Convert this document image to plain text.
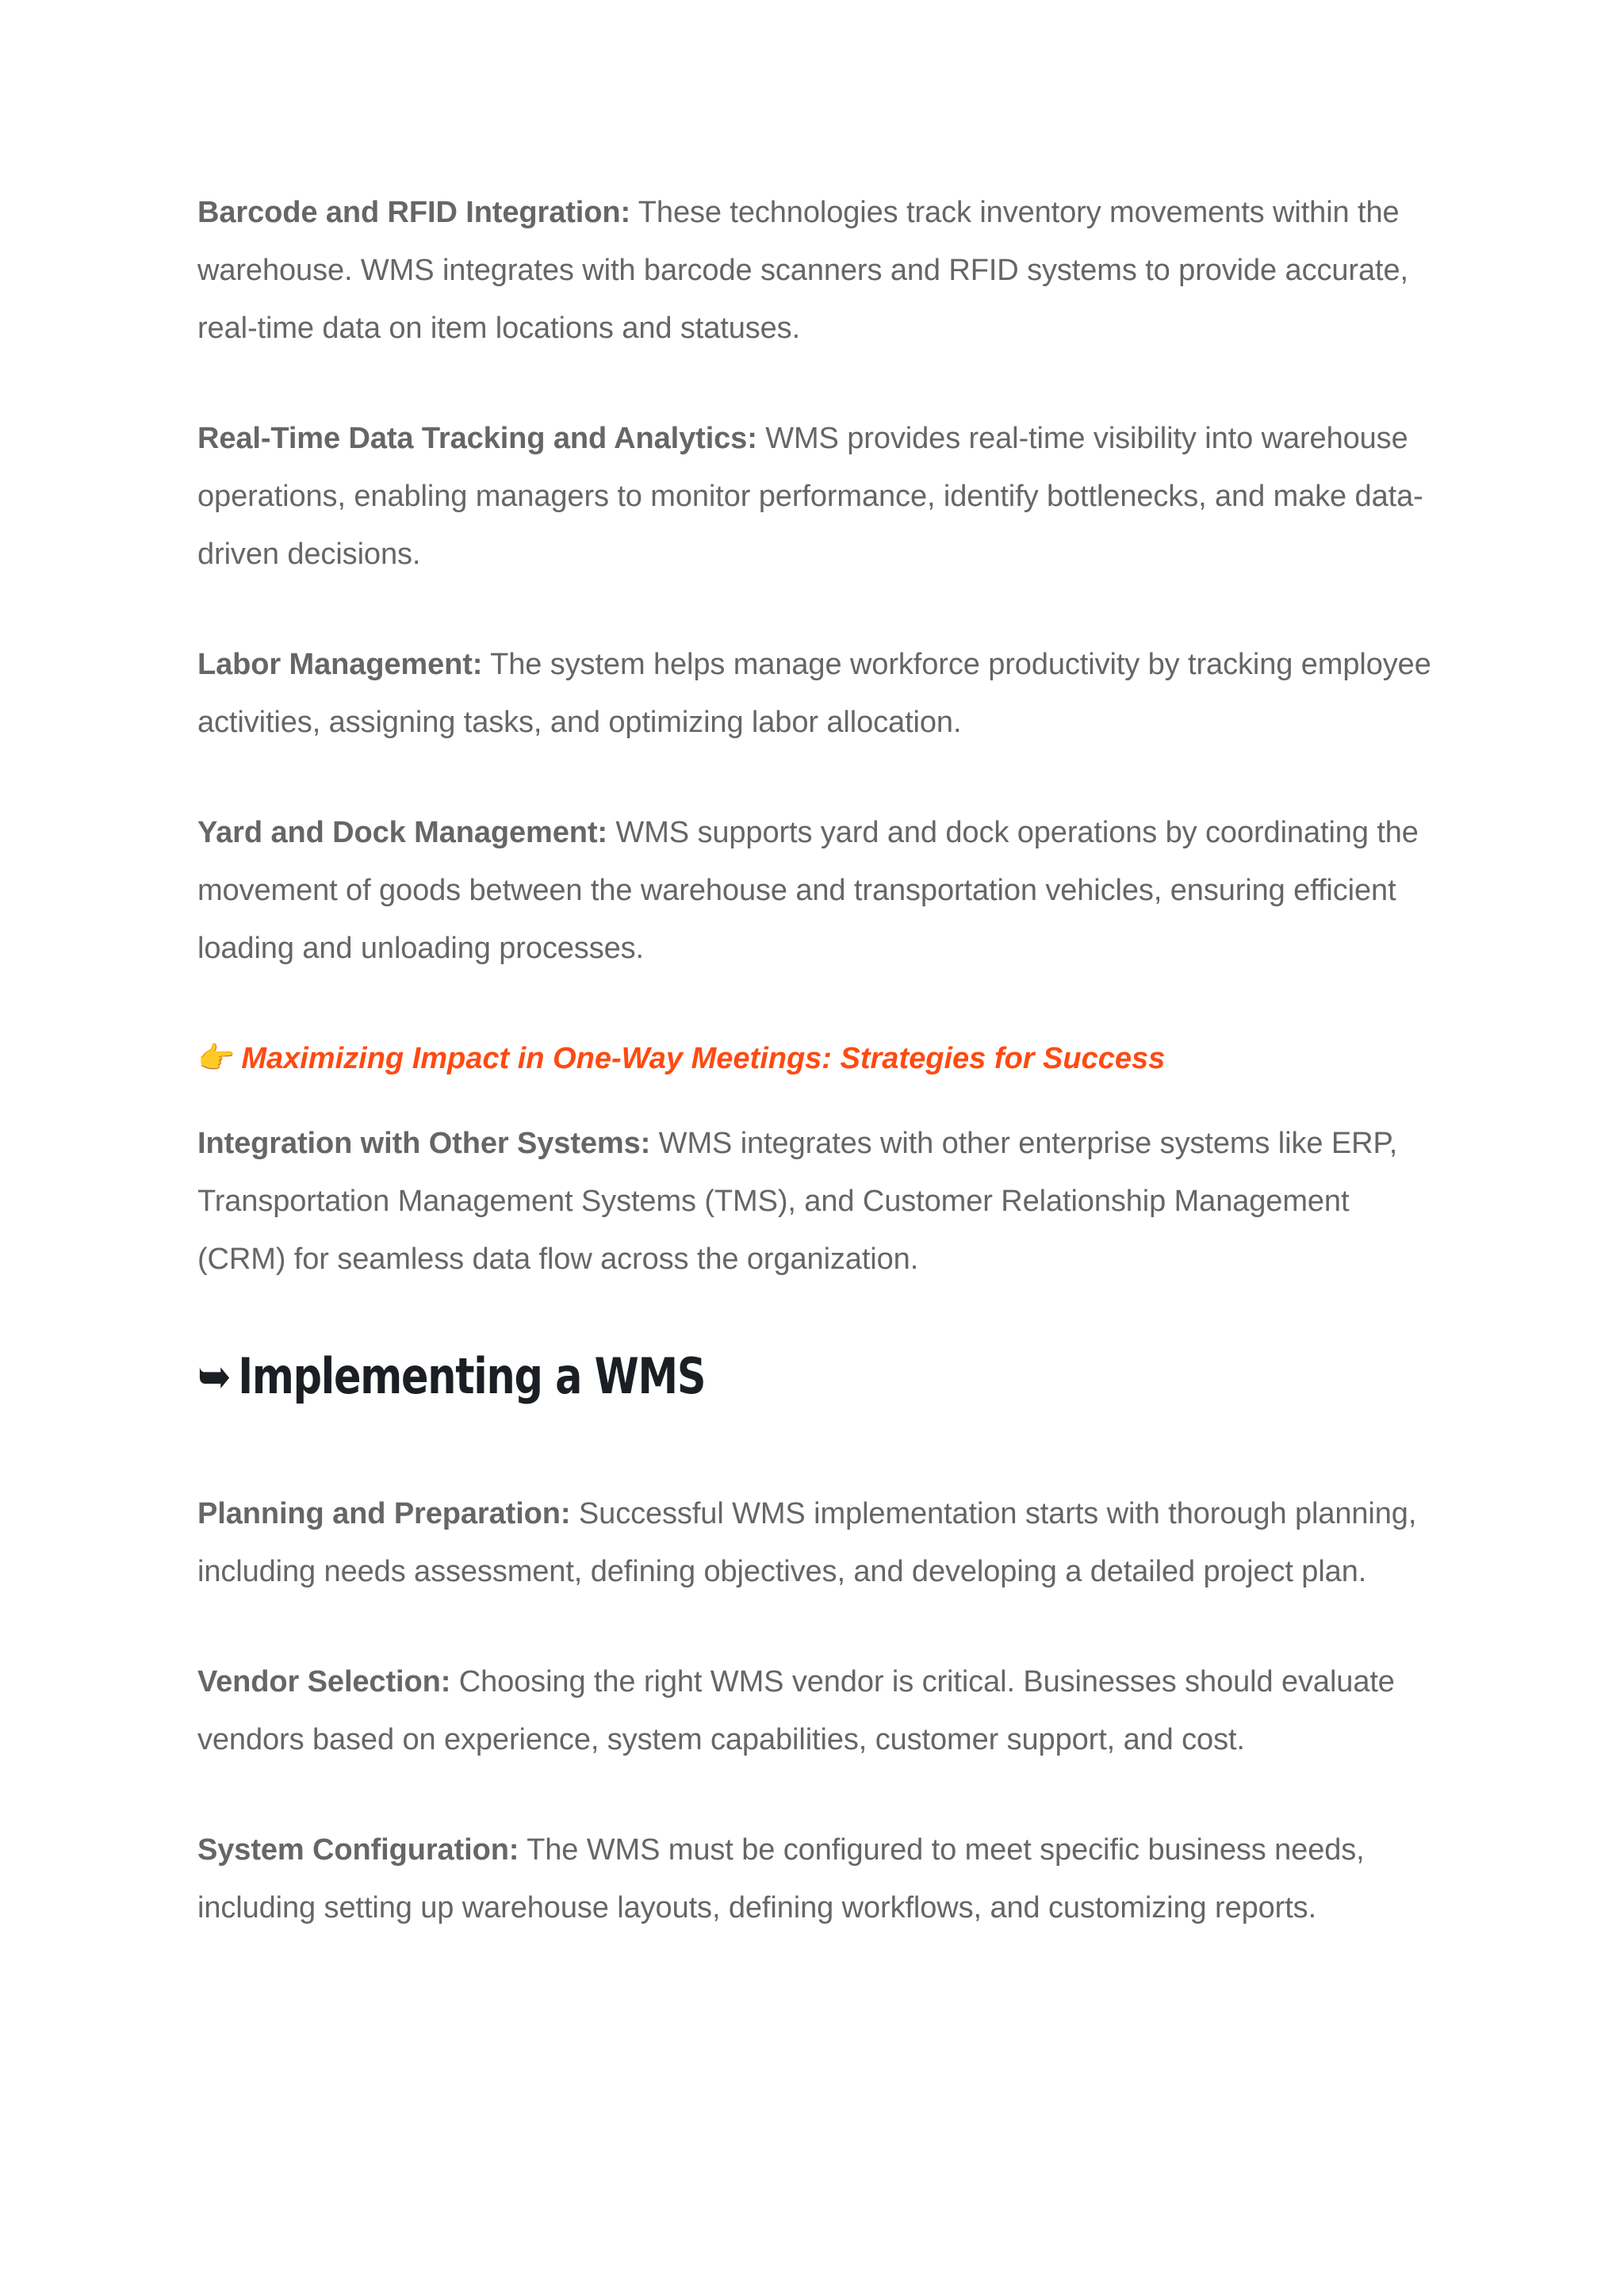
Barcode and RFID Integration: These technologies track inventory movements within the warehouse. WMS integrates with barcode scanners and RFID systems to provide accurate, real-time data on item locations and statuses.

Real-Time Data Tracking and Analytics: WMS provides real-time visibility into warehouse operations, enabling managers to monitor performance, identify bottlenecks, and make data-driven decisions.

Labor Management: The system helps manage workforce productivity by tracking employee activities, assigning tasks, and optimizing labor allocation.

Yard and Dock Management: WMS supports yard and dock operations by coordinating the movement of goods between the warehouse and transportation vehicles, ensuring efficient loading and unloading processes.

👉 Maximizing Impact in One-Way Meetings: Strategies for Success

Integration with Other Systems: WMS integrates with other enterprise systems like ERP, Transportation Management Systems (TMS), and Customer Relationship Management (CRM) for seamless data flow across the organization.

➥ Implementing a WMS

Planning and Preparation: Successful WMS implementation starts with thorough planning, including needs assessment, defining objectives, and developing a detailed project plan.

Vendor Selection: Choosing the right WMS vendor is critical. Businesses should evaluate vendors based on experience, system capabilities, customer support, and cost.

System Configuration: The WMS must be configured to meet specific business needs, including setting up warehouse layouts, defining workflows, and customizing reports.
